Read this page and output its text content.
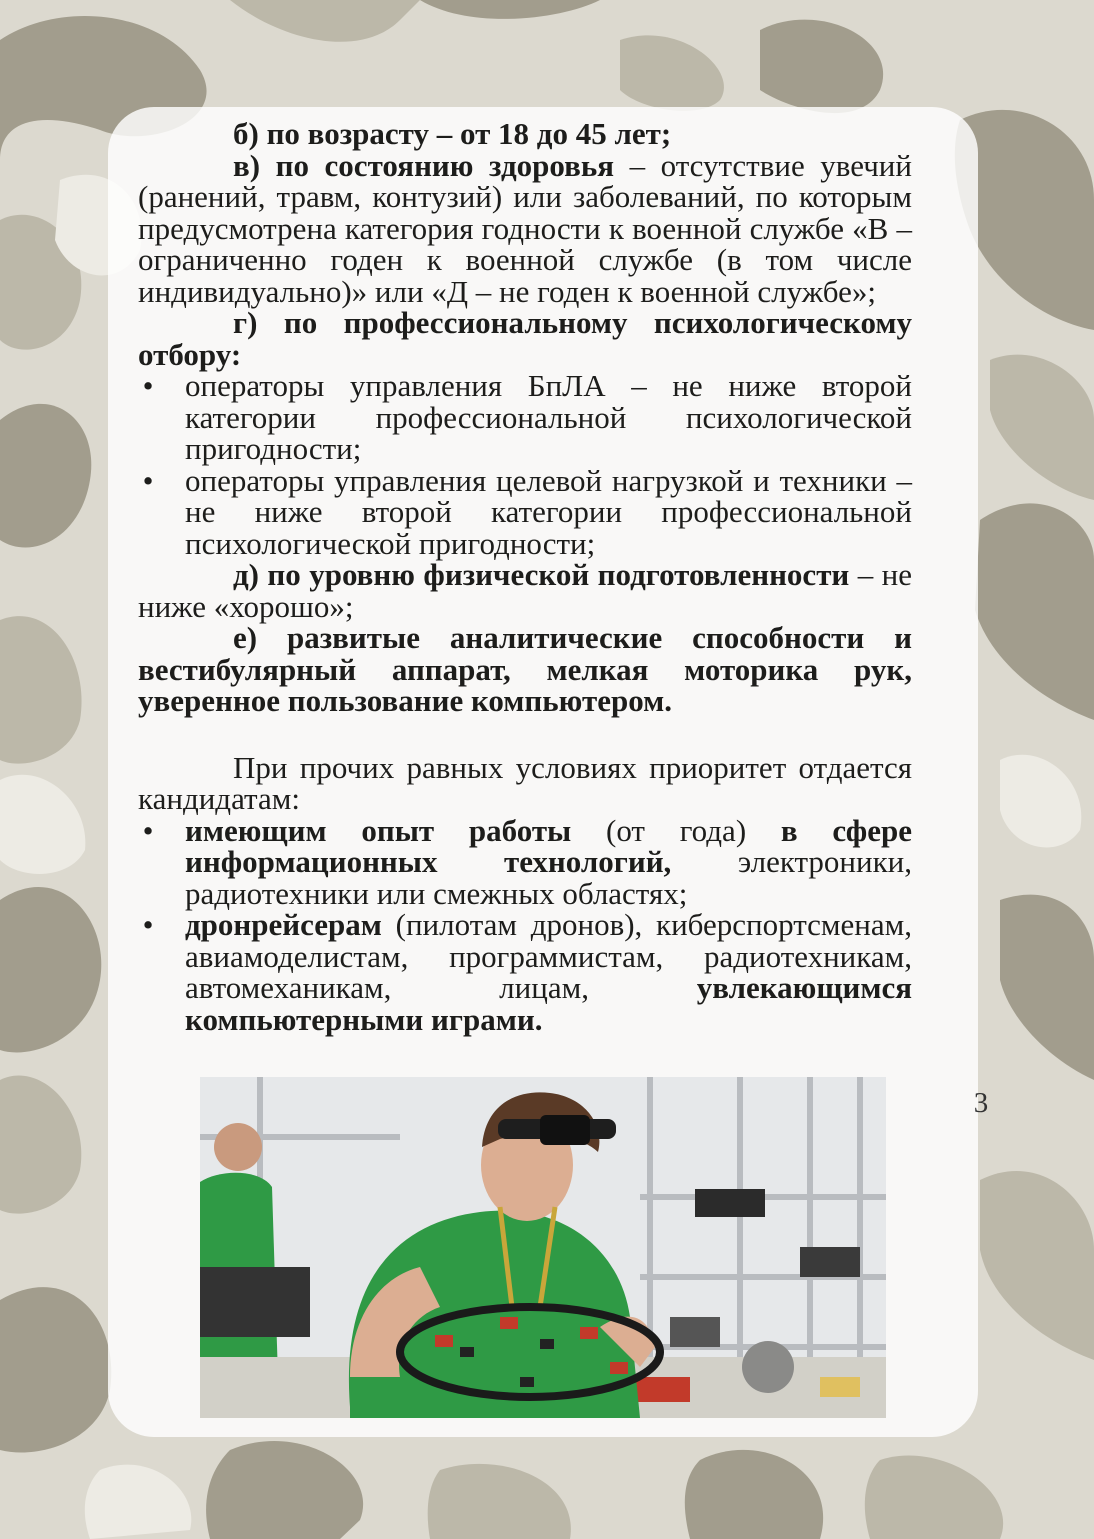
б) по возрасту – от 18 до 45 лет;

в) по состоянию здоровья – отсутствие увечий (ранений, травм, контузий) или заболеваний, по которым предусмотрена категория годности к военной службе «В – ограниченно годен к военной службе (в том числе индивидуально)» или «Д – не годен к военной службе»;

г) по профессиональному психологическому отбору:

• операторы управления БпЛА – не ниже второй категории профессиональной психологической пригодности;
• операторы управления целевой нагрузкой и техники – не ниже второй категории профессиональной психологической пригодности;

д) по уровню физической подготовленности – не ниже «хорошо»;

е) развитые аналитические способности и вестибулярный аппарат, мелкая моторика рук, уверенное пользование компьютером.

При прочих равных условиях приоритет отдается кандидатам:

• имеющим опыт работы (от года) в сфере информационных технологий, электроники, радиотехники или смежных областях;
• дронрейсерам (пилотам дронов), киберспортсменам, авиамоделистам, программистам, радиотехникам, автомеханикам, лицам, увлекающимся компьютерными играми.
3
